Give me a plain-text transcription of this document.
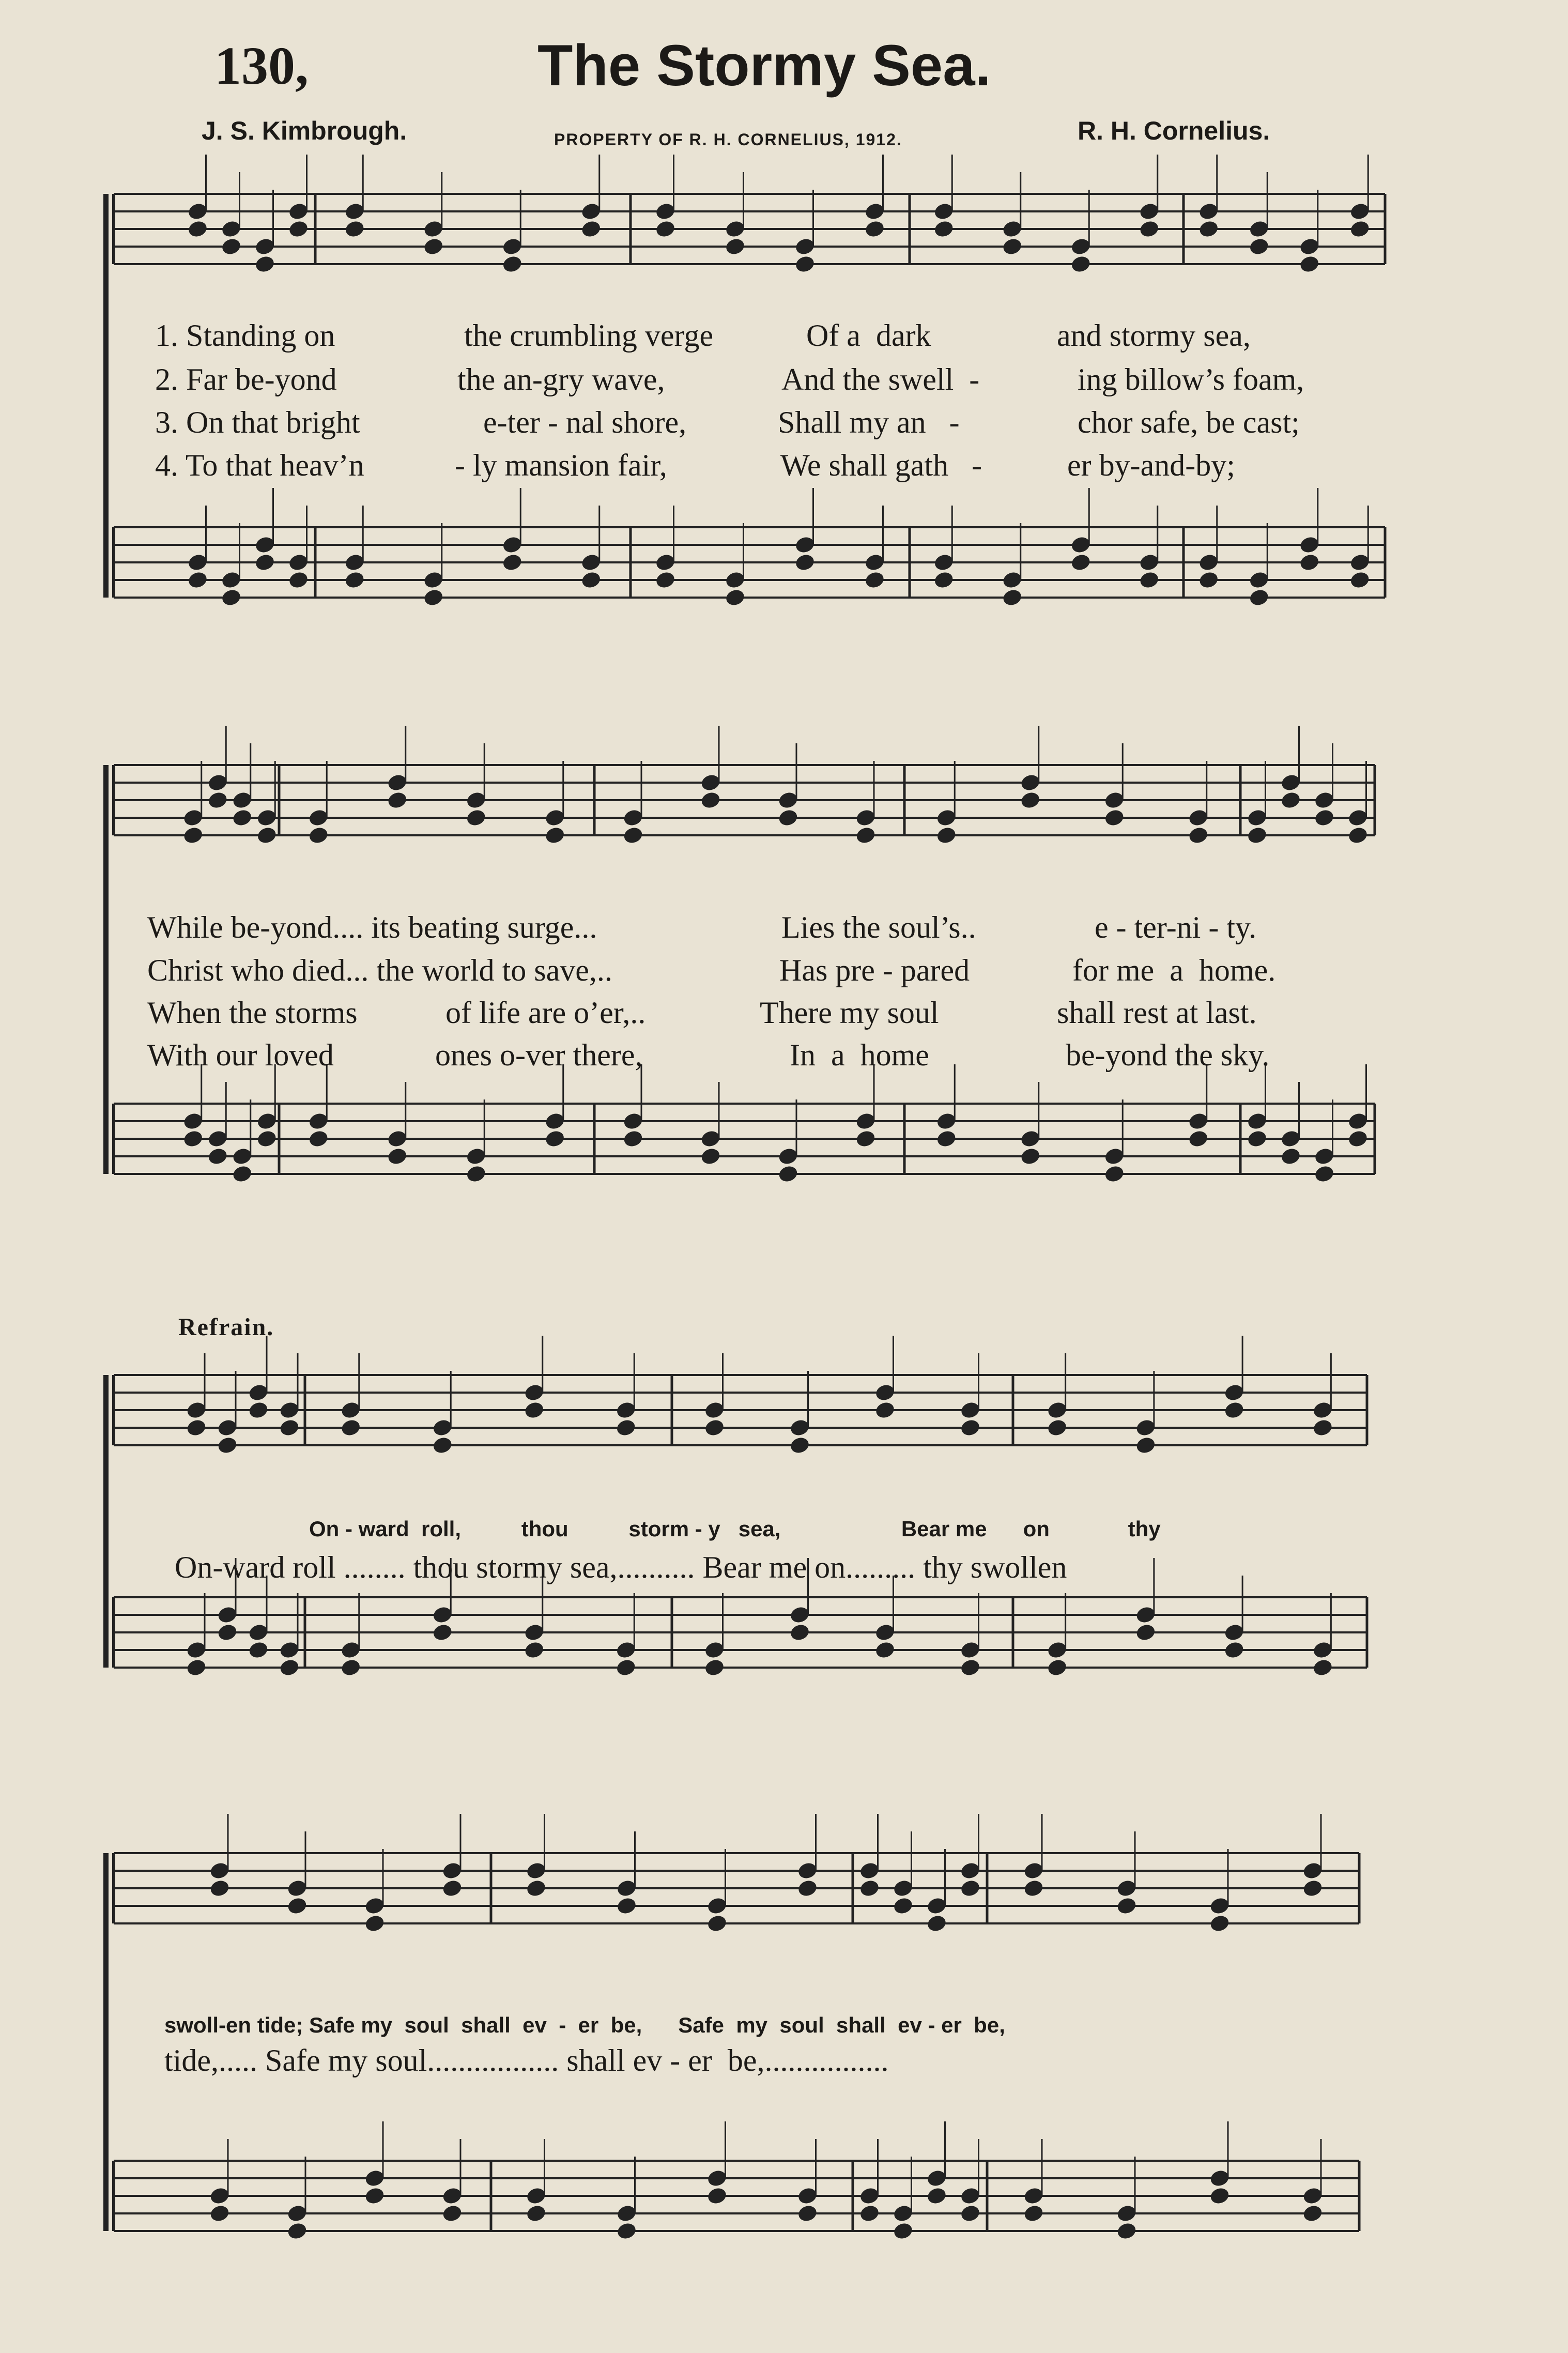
130,	The Stormy Sea.
J. S. Kimbrough.	PROPERTY OF R. H. CORNELIUS, 1912.	R. H. Cornelius.
1. Standing on	the crumbling verge	Of a  dark	and stormy sea,
2. Far be-yond	the an-gry wave,	And the swell  -	ing billow’s foam,
3. On that bright	e-ter - nal shore,	Shall my an   -	chor safe, be cast;
4. To that heav’n	- ly mansion fair,	We shall gath   -	er by-and-by;
While be-yond.... its beating surge...	Lies the soul’s..	e - ter-ni - ty.
Christ who died... the world to save,..	Has pre - pared	for me  a  home.
When the storms	of life are o’er,..	There my soul	shall rest at last.
With our loved	ones o-ver there,	In  a  home	be-yond the sky.
Refrain.
On - ward  roll,          thou          storm - y   sea,                    Bear me      on             thy
On-ward roll ........ thou stormy sea,.......... Bear me on......... thy swollen
swoll-en tide; Safe my  soul  shall  ev  -  er  be,      Safe  my  soul  shall  ev - er  be,
tide,..... Safe my soul................. shall ev - er  be,................
